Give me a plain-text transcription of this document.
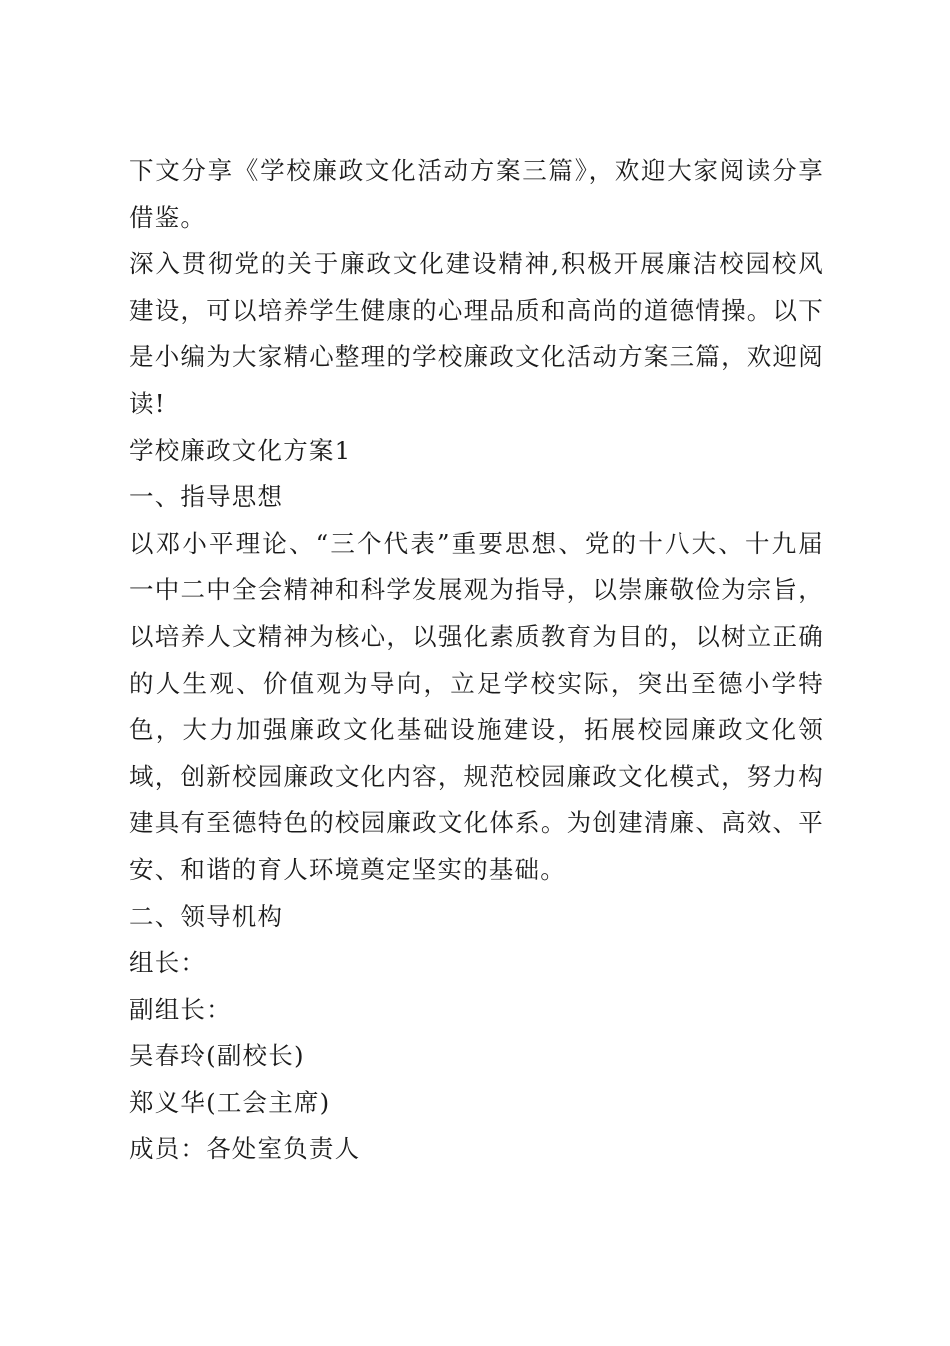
下文分享《学校廉政文化活动方案三篇》，欢迎大家阅读分享借鉴。

深入贯彻党的关于廉政文化建设精神,积极开展廉洁校园校风建设，可以培养学生健康的心理品质和高尚的道德情操。以下是小编为大家精心整理的学校廉政文化活动方案三篇，欢迎阅读!

学校廉政文化方案1

一、指导思想

以邓小平理论、“三个代表”重要思想、党的十八大、十九届一中二中全会精神和科学发展观为指导，以崇廉敬俭为宗旨，以培养人文精神为核心，以强化素质教育为目的，以树立正确的人生观、价值观为导向，立足学校实际，突出至德小学特色，大力加强廉政文化基础设施建设，拓展校园廉政文化领域，创新校园廉政文化内容，规范校园廉政文化模式，努力构建具有至德特色的校园廉政文化体系。为创建清廉、高效、平安、和谐的育人环境奠定坚实的基础。

二、领导机构

组长：

副组长：

吴春玲(副校长)

郑义华(工会主席)

成员：各处室负责人
